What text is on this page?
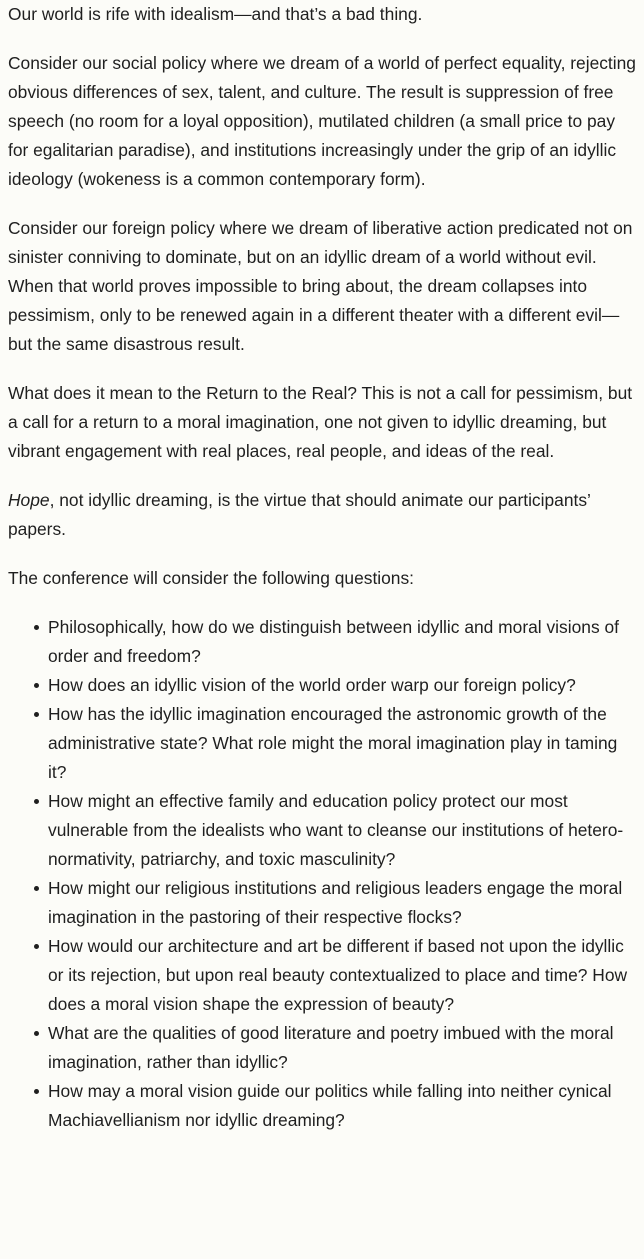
Our world is rife with idealism—and that’s a bad thing.

Consider our social policy where we dream of a world of perfect equality, rejecting obvious differences of sex, talent, and culture. The result is suppression of free speech (no room for a loyal opposition), mutilated children (a small price to pay for egalitarian paradise), and institutions increasingly under the grip of an idyllic ideology (wokeness is a common contemporary form).

Consider our foreign policy where we dream of liberative action predicated not on sinister conniving to dominate, but on an idyllic dream of a world without evil. When that world proves impossible to bring about, the dream collapses into pessimism, only to be renewed again in a different theater with a different evil—but the same disastrous result.

What does it mean to the Return to the Real? This is not a call for pessimism, but a call for a return to a moral imagination, one not given to idyllic dreaming, but vibrant engagement with real places, real people, and ideas of the real.

Hope, not idyllic dreaming, is the virtue that should animate our participants’ papers.

The conference will consider the following questions:

Philosophically, how do we distinguish between idyllic and moral visions of order and freedom?
How does an idyllic vision of the world order warp our foreign policy?
How has the idyllic imagination encouraged the astronomic growth of the administrative state? What role might the moral imagination play in taming it?
How might an effective family and education policy protect our most vulnerable from the idealists who want to cleanse our institutions of hetero-normativity, patriarchy, and toxic masculinity?
How might our religious institutions and religious leaders engage the moral imagination in the pastoring of their respective flocks?
How would our architecture and art be different if based not upon the idyllic or its rejection, but upon real beauty contextualized to place and time? How does a moral vision shape the expression of beauty?
What are the qualities of good literature and poetry imbued with the moral imagination, rather than idyllic?
How may a moral vision guide our politics while falling into neither cynical Machiavellianism nor idyllic dreaming?
